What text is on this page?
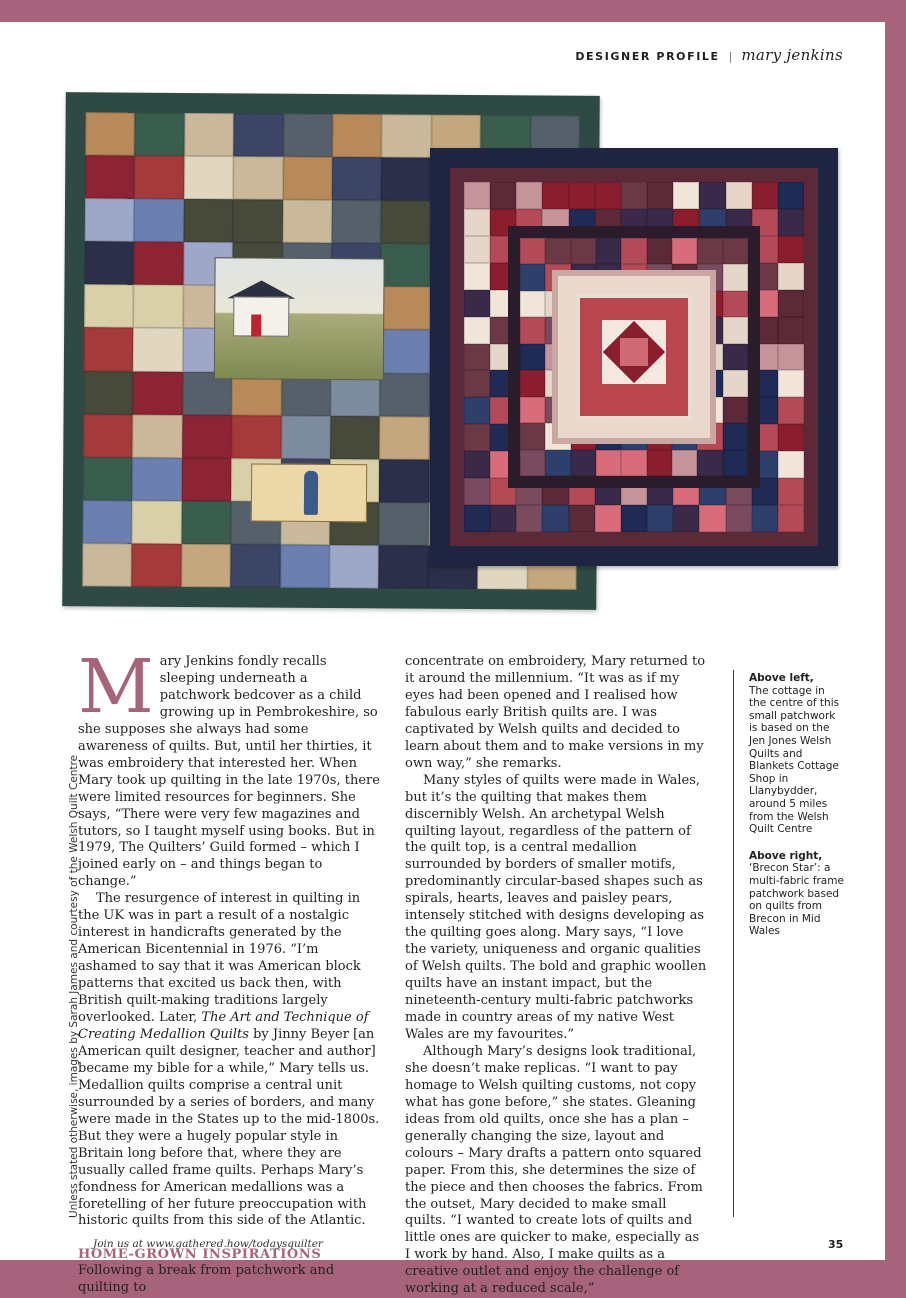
DESIGNER PROFILE | mary jenkins

Mary Jenkins fondly recalls sleeping underneath a patchwork bedcover as a child growing up in Pembrokeshire, so she supposes she always had some awareness of quilts. But, until her thirties, it was embroidery that interested her. When Mary took up quilting in the late 1970s, there were limited resources for beginners. She says, “There were very few magazines and tutors, so I taught myself using books. But in 1979, The Quilters’ Guild formed – which I joined early on – and things began to change.”

The resurgence of interest in quilting in the UK was in part a result of a nostalgic interest in handicrafts generated by the American Bicentennial in 1976. “I’m ashamed to say that it was American block patterns that excited us back then, with British quilt-making traditions largely overlooked. Later, The Art and Technique of Creating Medallion Quilts by Jinny Beyer [an American quilt designer, teacher and author] became my bible for a while,” Mary tells us. Medallion quilts comprise a central unit surrounded by a series of borders, and many were made in the States up to the mid-1800s. But they were a hugely popular style in Britain long before that, where they are usually called frame quilts. Perhaps Mary’s fondness for American medallions was a foretelling of her future preoccupation with historic quilts from this side of the Atlantic.

HOME-GROWN INSPIRATIONS

Following a break from patchwork and quilting to

concentrate on embroidery, Mary returned to it around the millennium. “It was as if my eyes had been opened and I realised how fabulous early British quilts are. I was captivated by Welsh quilts and decided to learn about them and to make versions in my own way,” she remarks.

Many styles of quilts were made in Wales, but it’s the quilting that makes them discernibly Welsh. An archetypal Welsh quilting layout, regardless of the pattern of the quilt top, is a central medallion surrounded by borders of smaller motifs, predominantly circular-based shapes such as spirals, hearts, leaves and paisley pears, intensely stitched with designs developing as the quilting goes along. Mary says, “I love the variety, uniqueness and organic qualities of Welsh quilts. The bold and graphic woollen quilts have an instant impact, but the nineteenth-century multi-fabric patchworks made in country areas of my native West Wales are my favourites.”

Although Mary’s designs look traditional, she doesn’t make replicas. “I want to pay homage to Welsh quilting customs, not copy what has gone before,” she states. Gleaning ideas from old quilts, once she has a plan – generally changing the size, layout and colours – Mary drafts a pattern onto squared paper. From this, she determines the size of the piece and then chooses the fabrics. From the outset, Mary decided to make small quilts. “I wanted to create lots of quilts and little ones are quicker to make, especially as I work by hand. Also, I make quilts as a creative outlet and enjoy the challenge of working at a reduced scale,”

Above left,
The cottage in the centre of this small patchwork is based on the Jen Jones Welsh Quilts and Blankets Cottage Shop in Llanybydder, around 5 miles from the Welsh Quilt Centre
Above right,
‘Brecon Star’: a multi-fabric frame patchwork based on quilts from Brecon in Mid Wales
Unless stated otherwise, images by Sarah James and courtesy of the Welsh Quilt Centre
Join us at www.gathered.how/todaysquilter	35
